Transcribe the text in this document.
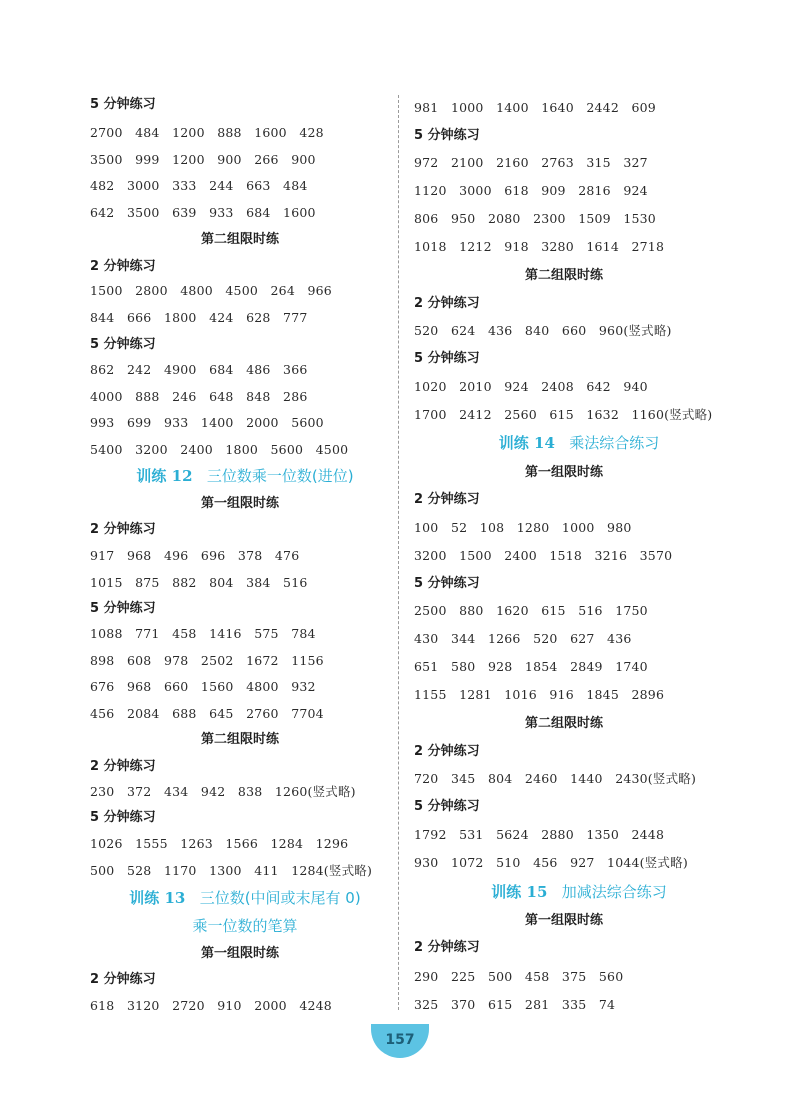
5 分钟练习
2700   484   1200   888   1600   428
3500   999   1200   900   266   900
482   3000   333   244   663   484
642   3500   639   933   684   1600
第二组限时练
2 分钟练习
1500   2800   4800   4500   264   966
844   666   1800   424   628   777
5 分钟练习
862   242   4900   684   486   366
4000   888   246   648   848   286
993   699   933   1400   2000   5600
5400   3200   2400   1800   5600   4500
训练 12 三位数乘一位数(进位)
第一组限时练
2 分钟练习
917   968   496   696   378   476
1015   875   882   804   384   516
5 分钟练习
1088   771   458   1416   575   784
898   608   978   2502   1672   1156
676   968   660   1560   4800   932
456   2084   688   645   2760   7704
第二组限时练
2 分钟练习
230   372   434   942   838   1260(竖式略)
5 分钟练习
1026   1555   1263   1566   1284   1296
500   528   1170   1300   411   1284(竖式略)
训练 13 三位数(中间或末尾有 0)
乘一位数的笔算
第一组限时练
2 分钟练习
618   3120   2720   910   2000   4248
981   1000   1400   1640   2442   609
5 分钟练习
972   2100   2160   2763   315   327
1120   3000   618   909   2816   924
806   950   2080   2300   1509   1530
1018   1212   918   3280   1614   2718
第二组限时练
2 分钟练习
520   624   436   840   660   960(竖式略)
5 分钟练习
1020   2010   924   2408   642   940
1700   2412   2560   615   1632   1160(竖式略)
训练 14 乘法综合练习
第一组限时练
2 分钟练习
100   52   108   1280   1000   980
3200   1500   2400   1518   3216   3570
5 分钟练习
2500   880   1620   615   516   1750
430   344   1266   520   627   436
651   580   928   1854   2849   1740
1155   1281   1016   916   1845   2896
第二组限时练
2 分钟练习
720   345   804   2460   1440   2430(竖式略)
5 分钟练习
1792   531   5624   2880   1350   2448
930   1072   510   456   927   1044(竖式略)
训练 15 加减法综合练习
第一组限时练
2 分钟练习
290   225   500   458   375   560
325   370   615   281   335   74
157
